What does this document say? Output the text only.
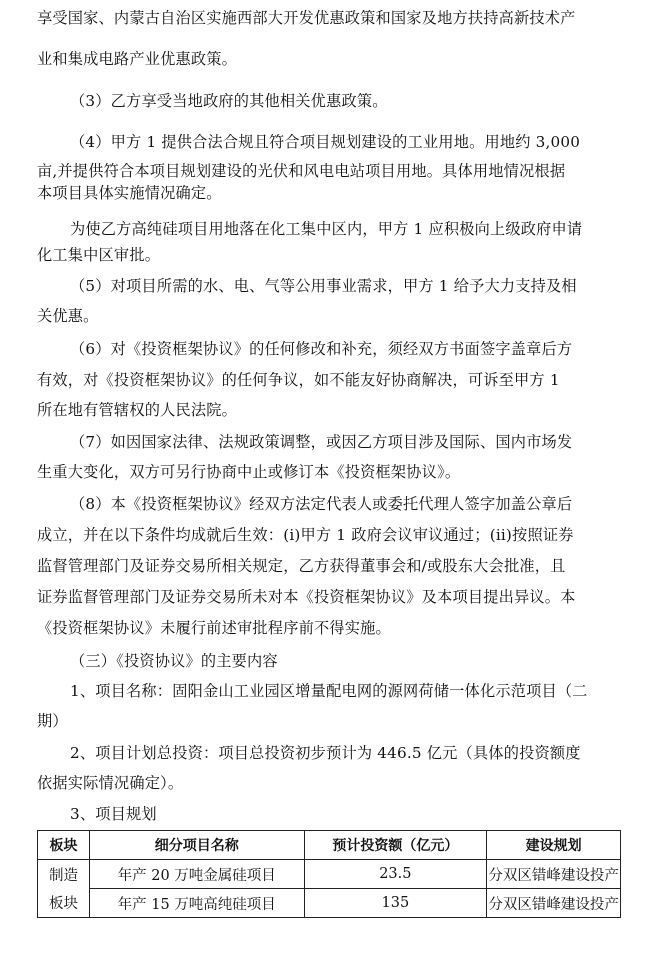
享受国家、内蒙古自治区实施西部大开发优惠政策和国家及地方扶持高新技术产
业和集成电路产业优惠政策。
（3）乙方享受当地政府的其他相关优惠政策。
（4）甲方 1 提供合法合规且符合项目规划建设的工业用地。用地约 3,000
亩,并提供符合本项目规划建设的光伏和风电电站项目用地。具体用地情况根据
本项目具体实施情况确定。
为使乙方高纯硅项目用地落在化工集中区内，甲方 1 应积极向上级政府申请
化工集中区审批。
（5）对项目所需的水、电、气等公用事业需求，甲方 1 给予大力支持及相
关优惠。
（6）对《投资框架协议》的任何修改和补充，须经双方书面签字盖章后方
有效，对《投资框架协议》的任何争议，如不能友好协商解决，可诉至甲方 1
所在地有管辖权的人民法院。
（7）如因国家法律、法规政策调整，或因乙方项目涉及国际、国内市场发
生重大变化，双方可另行协商中止或修订本《投资框架协议》。
（8）本《投资框架协议》经双方法定代表人或委托代理人签字加盖公章后
成立，并在以下条件均成就后生效：(i)甲方 1 政府会议审议通过；(ii)按照证券
监督管理部门及证券交易所相关规定，乙方获得董事会和/或股东大会批准，且
证券监督管理部门及证券交易所未对本《投资框架协议》及本项目提出异议。本
《投资框架协议》未履行前述审批程序前不得实施。
（三）《投资协议》的主要内容
1、项目名称：固阳金山工业园区增量配电网的源网荷储一体化示范项目（二
期）
2、项目计划总投资：项目总投资初步预计为 446.5 亿元（具体的投资额度
依据实际情况确定）。
3、项目规划
板块	细分项目名称	预计投资额（亿元）	建设规划
制造	年产 20 万吨金属硅项目	23.5	分双区错峰建设投产
板块	年产 15 万吨高纯硅项目	135	分双区错峰建设投产
